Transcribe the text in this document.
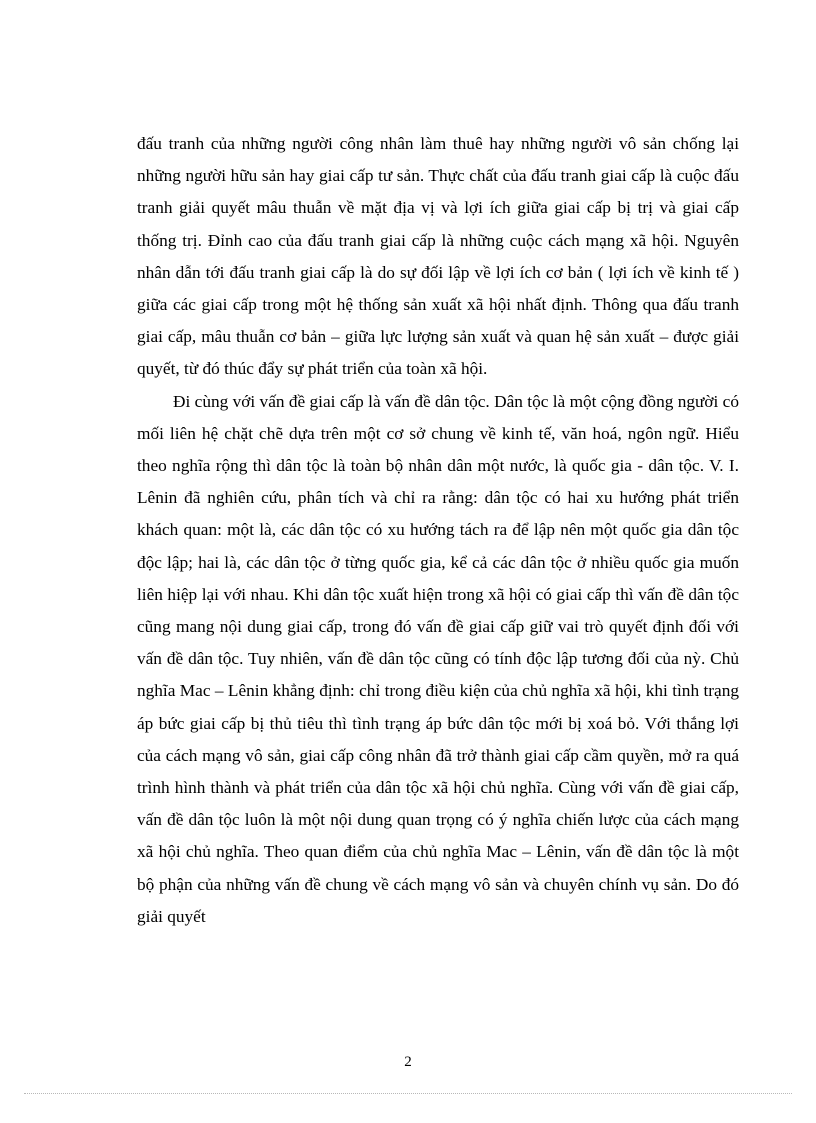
đấu tranh của những người công nhân làm thuê hay những người vô sản chống lại những người hữu sản hay giai cấp tư sản. Thực chất của đấu tranh giai cấp là cuộc đấu tranh giải quyết mâu thuẫn về mặt địa vị và lợi ích giữa giai cấp bị trị và giai cấp thống trị. Đỉnh cao của đấu tranh giai cấp là những cuộc cách mạng xã hội. Nguyên nhân dẫn tới đấu tranh giai cấp là do sự đối lập về lợi ích cơ bản ( lợi ích về kinh tế ) giữa các giai cấp trong một hệ thống sản xuất xã hội nhất định. Thông qua đấu tranh giai cấp, mâu thuẫn cơ bản – giữa lực lượng sản xuất và quan hệ sản xuất – được giải quyết, từ đó thúc đẩy sự phát triển của toàn xã hội.

Đi cùng với vấn đề giai cấp là vấn đề dân tộc. Dân tộc là một cộng đồng người có mối liên hệ chặt chẽ dựa trên một cơ sở chung về kinh tế, văn hoá, ngôn ngữ. Hiểu theo nghĩa rộng thì dân tộc là toàn bộ nhân dân một nước, là quốc gia - dân tộc. V. I. Lênin đã nghiên cứu, phân tích và chỉ ra rằng: dân tộc có hai xu hướng phát triển khách quan: một là, các dân tộc có xu hướng tách ra để lập nên một quốc gia dân tộc độc lập; hai là, các dân tộc ở từng quốc gia, kể cả các dân tộc ở nhiều quốc gia muốn liên hiệp lại với nhau. Khi dân tộc xuất hiện trong xã hội có giai cấp thì vấn đề dân tộc cũng mang nội dung giai cấp, trong đó vấn đề giai cấp giữ vai trò quyết định đối với vấn đề dân tộc. Tuy nhiên, vấn đề dân tộc cũng có tính độc lập tương đối của nỳ. Chủ nghĩa Mac – Lênin khẳng định: chỉ trong điều kiện của chủ nghĩa xã hội, khi tình trạng áp bức giai cấp bị thủ tiêu thì tình trạng áp bức dân tộc mới bị xoá bỏ. Với thắng lợi của cách mạng vô sản, giai cấp công nhân đã trở thành giai cấp cầm quyền, mở ra quá trình hình thành và phát triển của dân tộc xã hội chủ nghĩa. Cùng với vấn đề giai cấp, vấn đề dân tộc luôn là một nội dung quan trọng có ý nghĩa chiến lược của cách mạng xã hội chủ nghĩa. Theo quan điểm của chủ nghĩa Mac – Lênin, vấn đề dân tộc là một bộ phận của những vấn đề chung về cách mạng vô sản và chuyên chính vụ sản. Do đó giải quyết

2
